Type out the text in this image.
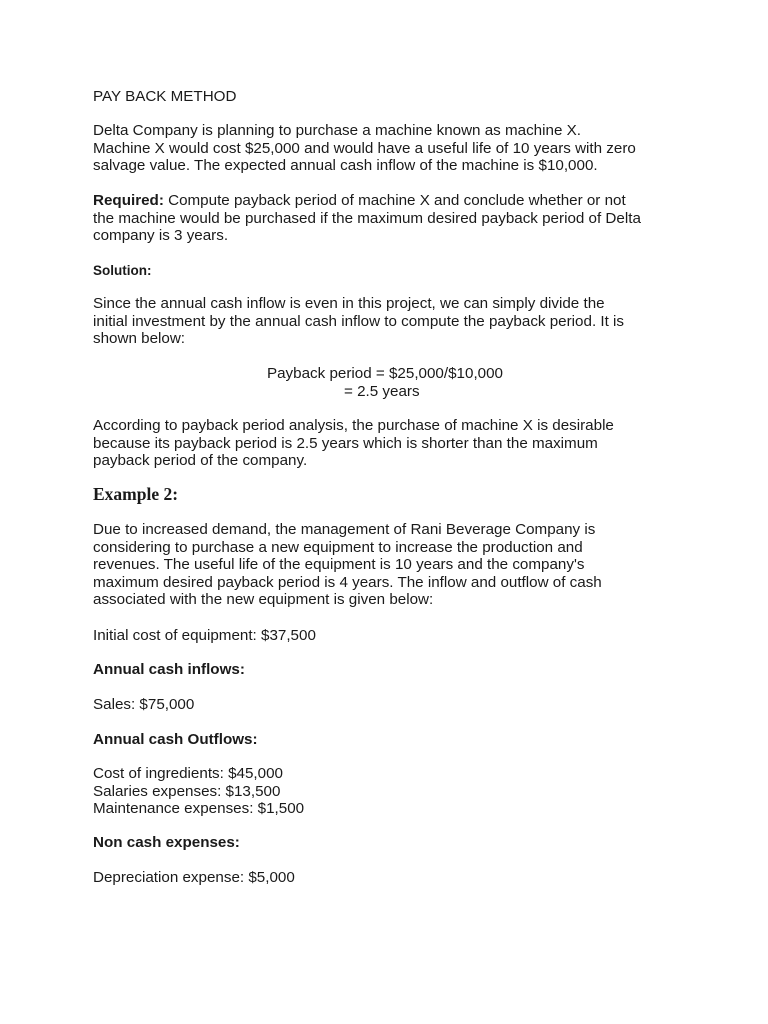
PAY BACK METHOD

Delta Company is planning to purchase a machine known as machine X.
Machine X would cost $25,000 and would have a useful life of 10 years with zero
salvage value. The expected annual cash inflow of the machine is $10,000.

Required: Compute payback period of machine X and conclude whether or not
the machine would be purchased if the maximum desired payback period of Delta
company is 3 years.

Solution:

Since the annual cash inflow is even in this project, we can simply divide the
initial investment by the annual cash inflow to compute the payback period. It is
shown below:

Payback period = $25,000/$10,000

= 2.5 years

According to payback period analysis, the purchase of machine X is desirable
because its payback period is 2.5 years which is shorter than the maximum
payback period of the company.

Example 2:

Due to increased demand, the management of Rani Beverage Company is
considering to purchase a new equipment to increase the production and
revenues. The useful life of the equipment is 10 years and the company's
maximum desired payback period is 4 years. The inflow and outflow of cash
associated with the new equipment is given below:

Initial cost of equipment: $37,500

Annual cash inflows:

Sales: $75,000

Annual cash Outflows:

Cost of ingredients: $45,000
Salaries expenses: $13,500
Maintenance expenses: $1,500

Non cash expenses:

Depreciation expense: $5,000
